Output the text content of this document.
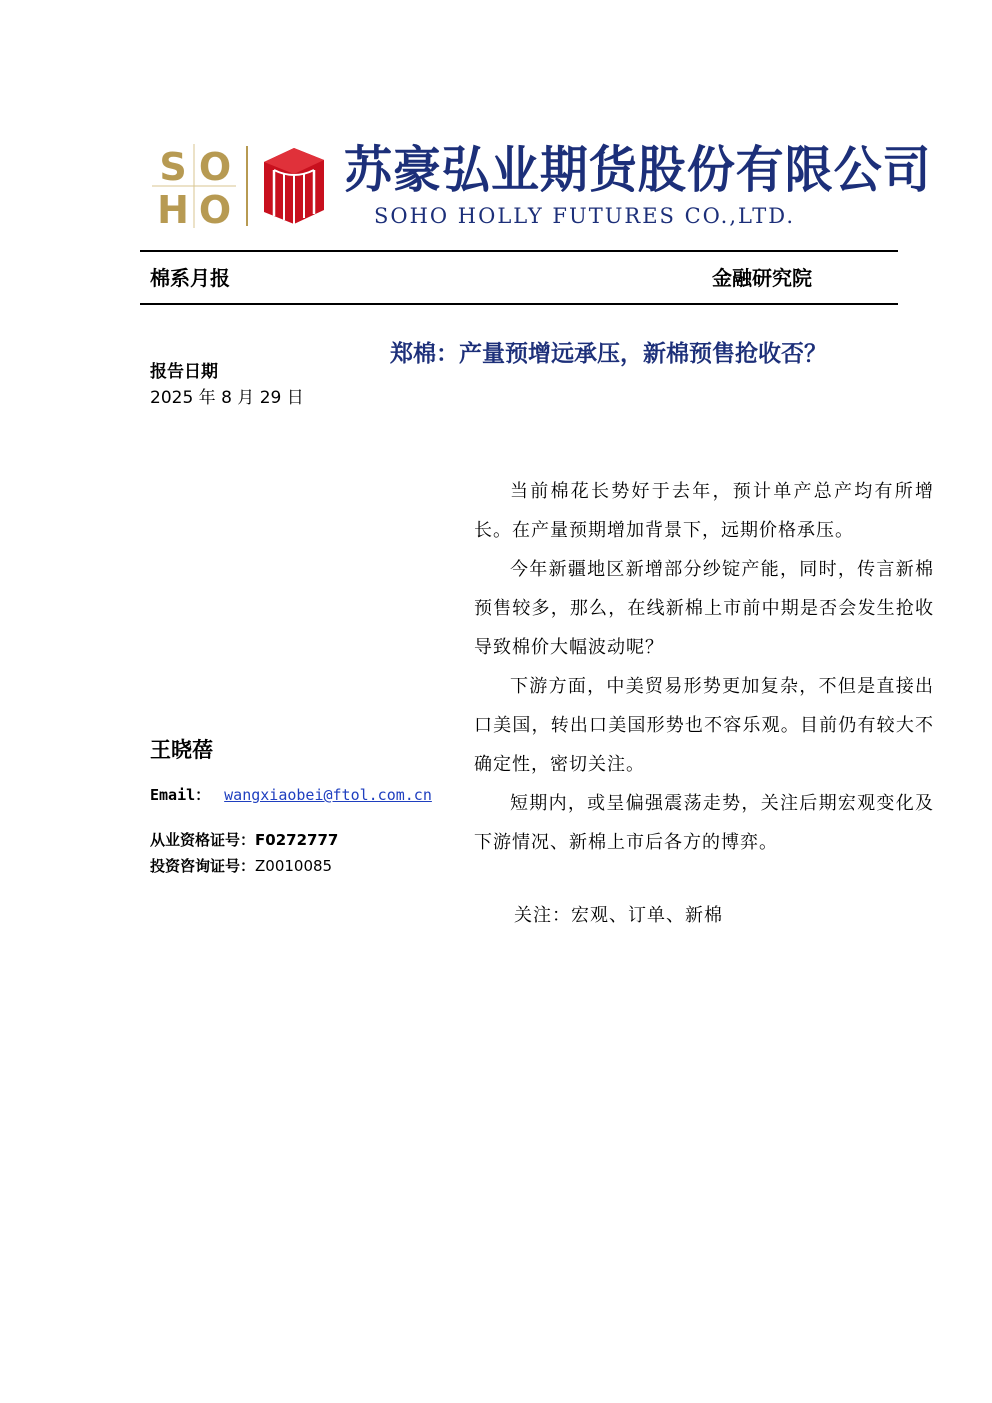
S O
H O
苏豪弘业期货股份有限公司
SOHO HOLLY FUTURES CO.,LTD.
棉系月报	金融研究院
郑棉：产量预增远承压，新棉预售抢收否？
报告日期
2025 年 8 月 29 日
王晓蓓
Email： wangxiaobei@ftol.com.cn
从业资格证号：F0272777
投资咨询证号：Z0010085

当前棉花长势好于去年，预计单产总产均有所增长。在产量预期增加背景下，远期价格承压。

今年新疆地区新增部分纱锭产能，同时，传言新棉预售较多，那么，在线新棉上市前中期是否会发生抢收导致棉价大幅波动呢？

下游方面，中美贸易形势更加复杂，不但是直接出口美国，转出口美国形势也不容乐观。目前仍有较大不确定性，密切关注。

短期内，或呈偏强震荡走势，关注后期宏观变化及下游情况、新棉上市后各方的博弈。

关注：宏观、订单、新棉
